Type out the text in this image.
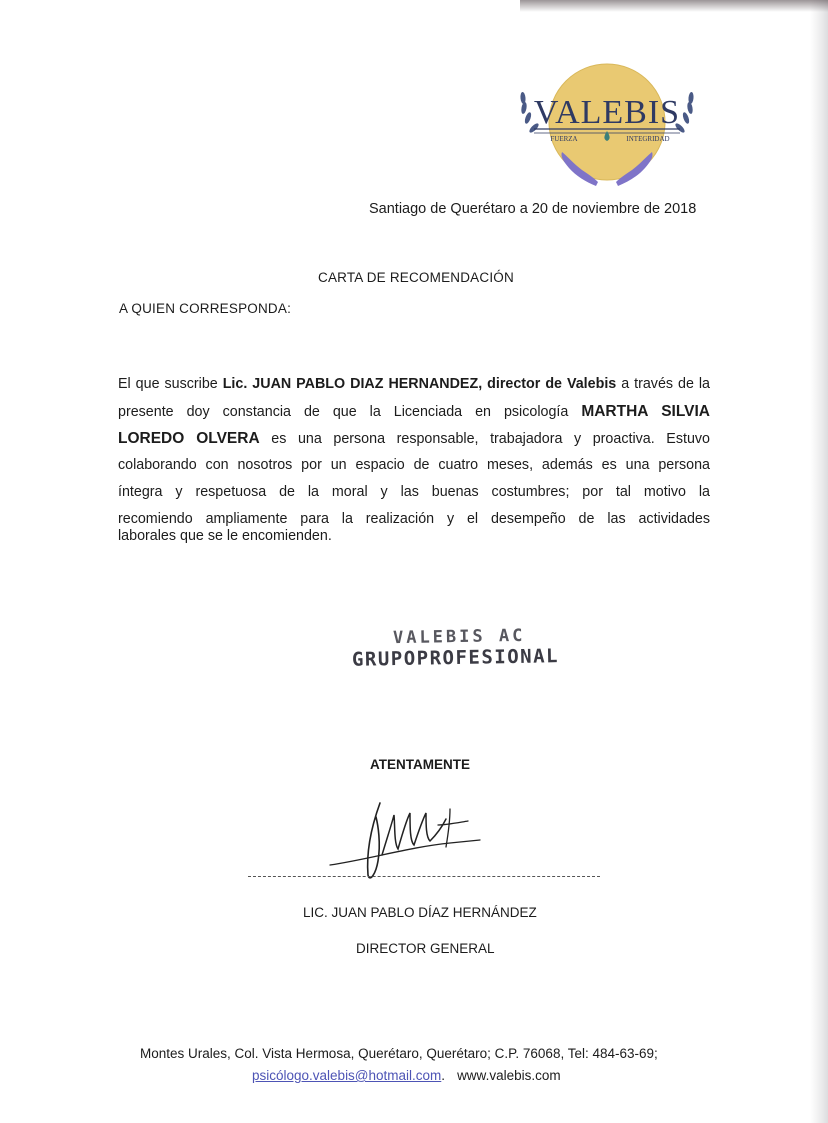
VALEBIS
FUERZA	INTEGRIDAD
Santiago de Querétaro a 20 de noviembre de 2018
CARTA DE RECOMENDACIÓN
A QUIEN CORRESPONDA:
El que suscribe Lic. JUAN PABLO DIAZ HERNANDEZ, director de Valebis a través de la
presente doy constancia de que la Licenciada en psicología MARTHA SILVIA
LOREDO OLVERA es una persona responsable, trabajadora y proactiva. Estuvo
colaborando con nosotros por un espacio de cuatro meses, además es una persona
íntegra y respetuosa de la moral y las buenas costumbres; por tal motivo la
recomiendo ampliamente para la realización y el desempeño de las actividades
laborales que se le encomienden.
VALEBIS AC
GRUPOPROFESIONAL
ATENTAMENTE
LIC. JUAN PABLO DÍAZ HERNÁNDEZ
DIRECTOR GENERAL
Montes Urales, Col. Vista Hermosa, Querétaro, Querétaro; C.P. 76068, Tel: 484-63-69;
psicólogo.valebis@hotmail.com. www.valebis.com
